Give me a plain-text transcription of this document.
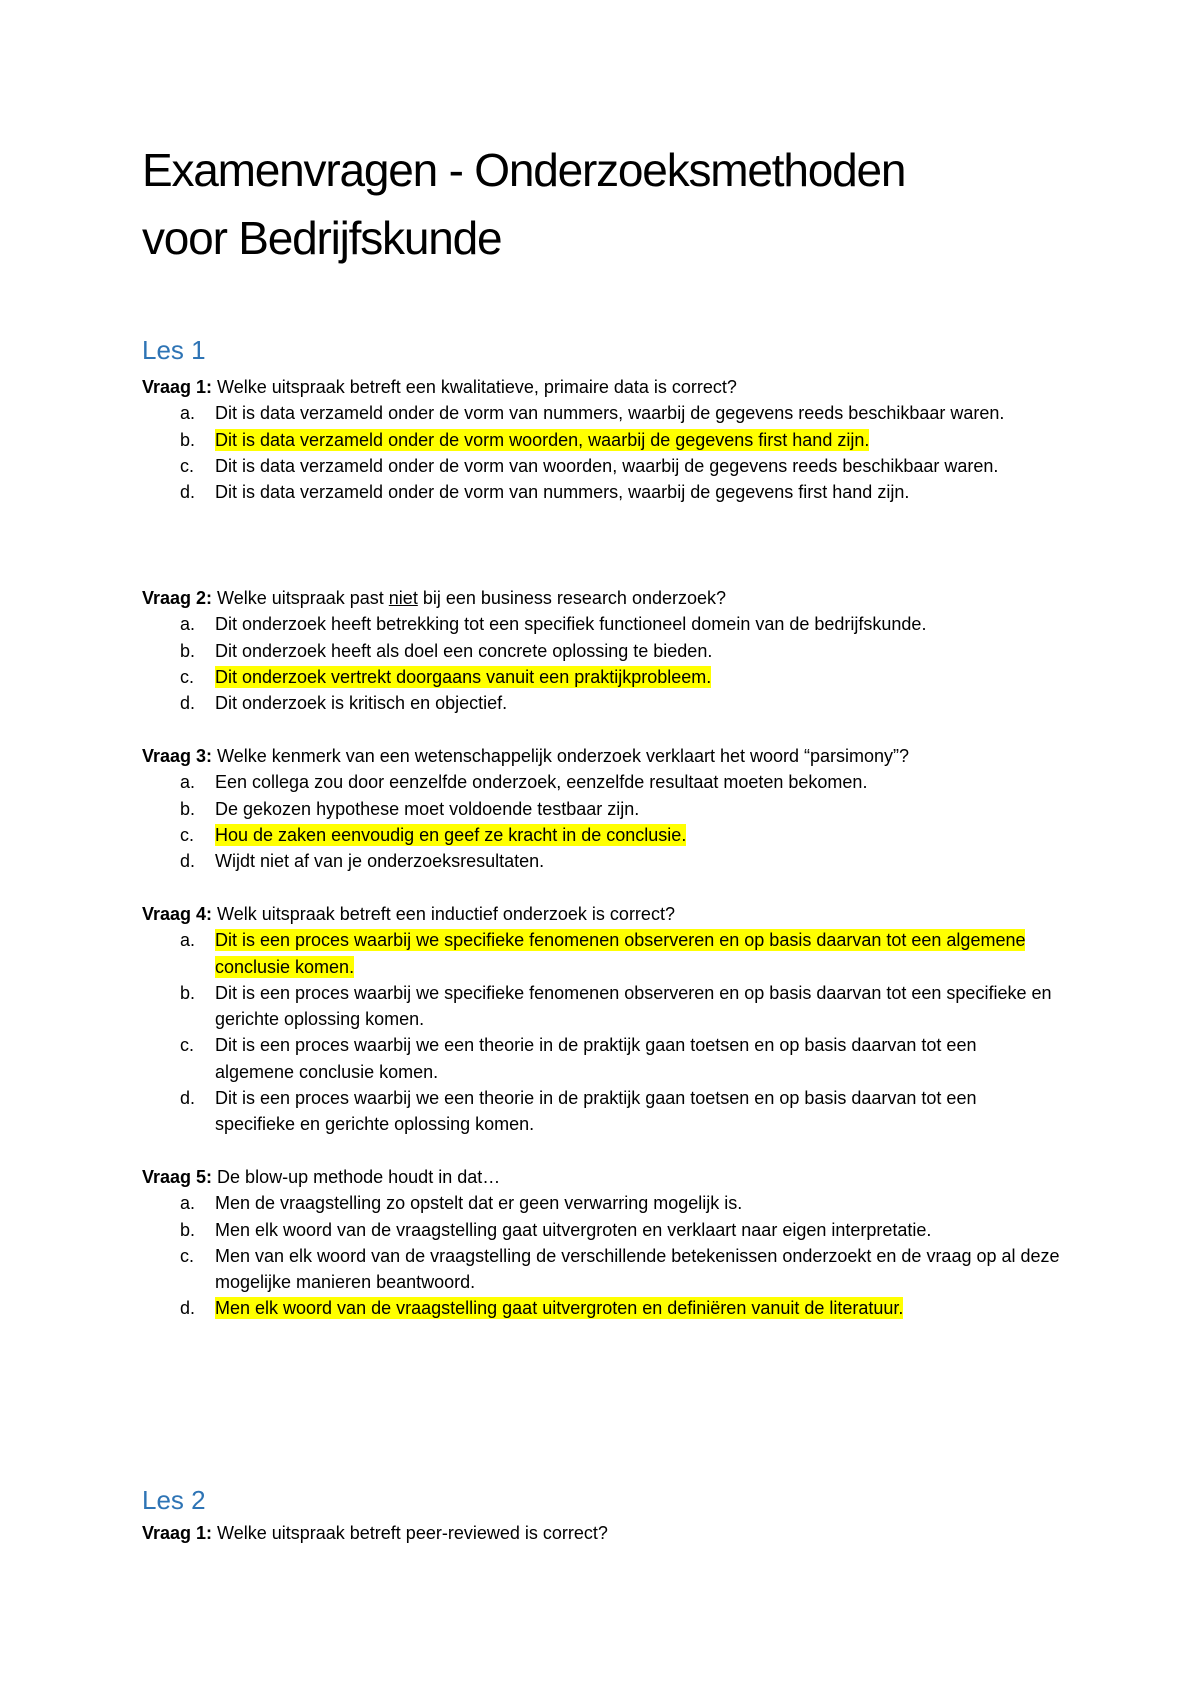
Examenvragen - Onderzoeksmethoden
voor Bedrijfskunde
Les 1
Vraag 1: Welke uitspraak betreft een kwalitatieve, primaire data is correct?
a. Dit is data verzameld onder de vorm van nummers, waarbij de gegevens reeds beschikbaar waren.
b. Dit is data verzameld onder de vorm woorden, waarbij de gegevens first hand zijn.
c. Dit is data verzameld onder de vorm van woorden, waarbij de gegevens reeds beschikbaar waren.
d. Dit is data verzameld onder de vorm van nummers, waarbij de gegevens first hand zijn.
Vraag 2: Welke uitspraak past niet bij een business research onderzoek?
a. Dit onderzoek heeft betrekking tot een specifiek functioneel domein van de bedrijfskunde.
b. Dit onderzoek heeft als doel een concrete oplossing te bieden.
c. Dit onderzoek vertrekt doorgaans vanuit een praktijkprobleem.
d. Dit onderzoek is kritisch en objectief.
Vraag 3: Welke kenmerk van een wetenschappelijk onderzoek verklaart het woord “parsimony”?
a. Een collega zou door eenzelfde onderzoek, eenzelfde resultaat moeten bekomen.
b. De gekozen hypothese moet voldoende testbaar zijn.
c. Hou de zaken eenvoudig en geef ze kracht in de conclusie.
d. Wijdt niet af van je onderzoeksresultaten.
Vraag 4: Welk uitspraak betreft een inductief onderzoek is correct?
a. Dit is een proces waarbij we specifieke fenomenen observeren en op basis daarvan tot een algemene conclusie komen.
b. Dit is een proces waarbij we specifieke fenomenen observeren en op basis daarvan tot een specifieke en gerichte oplossing komen.
c. Dit is een proces waarbij we een theorie in de praktijk gaan toetsen en op basis daarvan tot een algemene conclusie komen.
d. Dit is een proces waarbij we een theorie in de praktijk gaan toetsen en op basis daarvan tot een specifieke en gerichte oplossing komen.
Vraag 5: De blow-up methode houdt in dat…
a. Men de vraagstelling zo opstelt dat er geen verwarring mogelijk is.
b. Men elk woord van de vraagstelling gaat uitvergroten en verklaart naar eigen interpretatie.
c. Men van elk woord van de vraagstelling de verschillende betekenissen onderzoekt en de vraag op al deze mogelijke manieren beantwoord.
d. Men elk woord van de vraagstelling gaat uitvergroten en definiëren vanuit de literatuur.
Les 2
Vraag 1: Welke uitspraak betreft peer-reviewed is correct?
